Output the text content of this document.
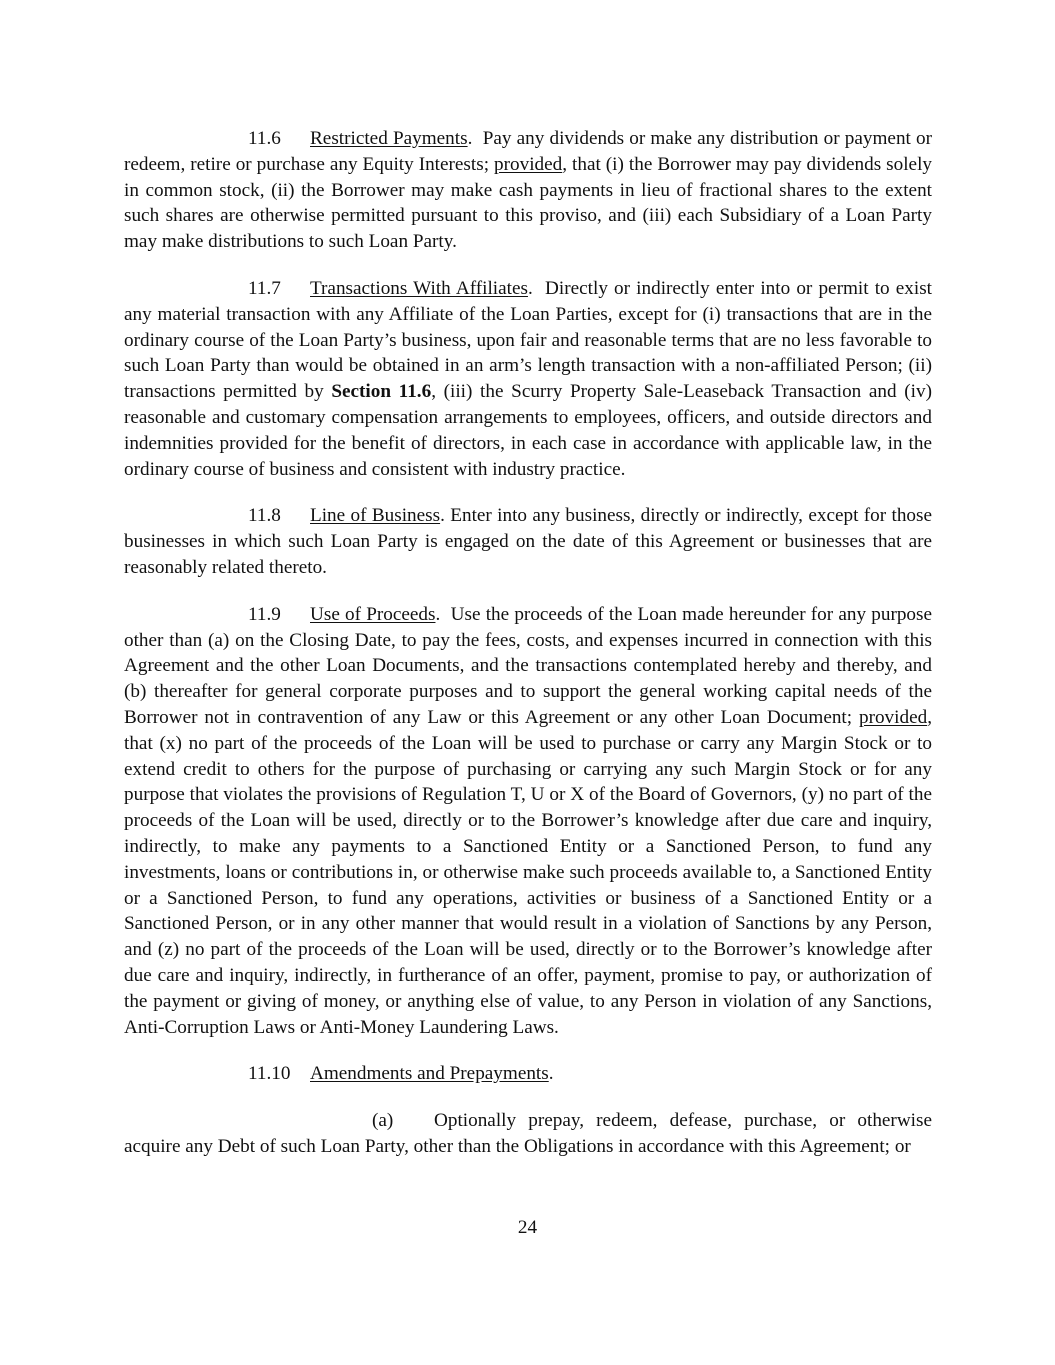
11.6 Restricted Payments. Pay any dividends or make any distribution or payment or redeem, retire or purchase any Equity Interests; provided, that (i) the Borrower may pay dividends solely in common stock, (ii) the Borrower may make cash payments in lieu of fractional shares to the extent such shares are otherwise permitted pursuant to this proviso, and (iii) each Subsidiary of a Loan Party may make distributions to such Loan Party.

11.7 Transactions With Affiliates. Directly or indirectly enter into or permit to exist any material transaction with any Affiliate of the Loan Parties, except for (i) transactions that are in the ordinary course of the Loan Party’s business, upon fair and reasonable terms that are no less favorable to such Loan Party than would be obtained in an arm’s length transaction with a non-affiliated Person; (ii) transactions permitted by Section 11.6, (iii) the Scurry Property Sale-Leaseback Transaction and (iv) reasonable and customary compensation arrangements to employees, officers, and outside directors and indemnities provided for the benefit of directors, in each case in accordance with applicable law, in the ordinary course of business and consistent with industry practice.

11.8 Line of Business. Enter into any business, directly or indirectly, except for those businesses in which such Loan Party is engaged on the date of this Agreement or businesses that are reasonably related thereto.

11.9 Use of Proceeds. Use the proceeds of the Loan made hereunder for any purpose other than (a) on the Closing Date, to pay the fees, costs, and expenses incurred in connection with this Agreement and the other Loan Documents, and the transactions contemplated hereby and thereby, and (b) thereafter for general corporate purposes and to support the general working capital needs of the Borrower not in contravention of any Law or this Agreement or any other Loan Document; provided, that (x) no part of the proceeds of the Loan will be used to purchase or carry any Margin Stock or to extend credit to others for the purpose of purchasing or carrying any such Margin Stock or for any purpose that violates the provisions of Regulation T, U or X of the Board of Governors, (y) no part of the proceeds of the Loan will be used, directly or to the Borrower’s knowledge after due care and inquiry, indirectly, to make any payments to a Sanctioned Entity or a Sanctioned Person, to fund any investments, loans or contributions in, or otherwise make such proceeds available to, a Sanctioned Entity or a Sanctioned Person, to fund any operations, activities or business of a Sanctioned Entity or a Sanctioned Person, or in any other manner that would result in a violation of Sanctions by any Person, and (z) no part of the proceeds of the Loan will be used, directly or to the Borrower’s knowledge after due care and inquiry, indirectly, in furtherance of an offer, payment, promise to pay, or authorization of the payment or giving of money, or anything else of value, to any Person in violation of any Sanctions, Anti-Corruption Laws or Anti-Money Laundering Laws.

11.10 Amendments and Prepayments.

(a) Optionally prepay, redeem, defease, purchase, or otherwise acquire any Debt of such Loan Party, other than the Obligations in accordance with this Agreement; or

24
